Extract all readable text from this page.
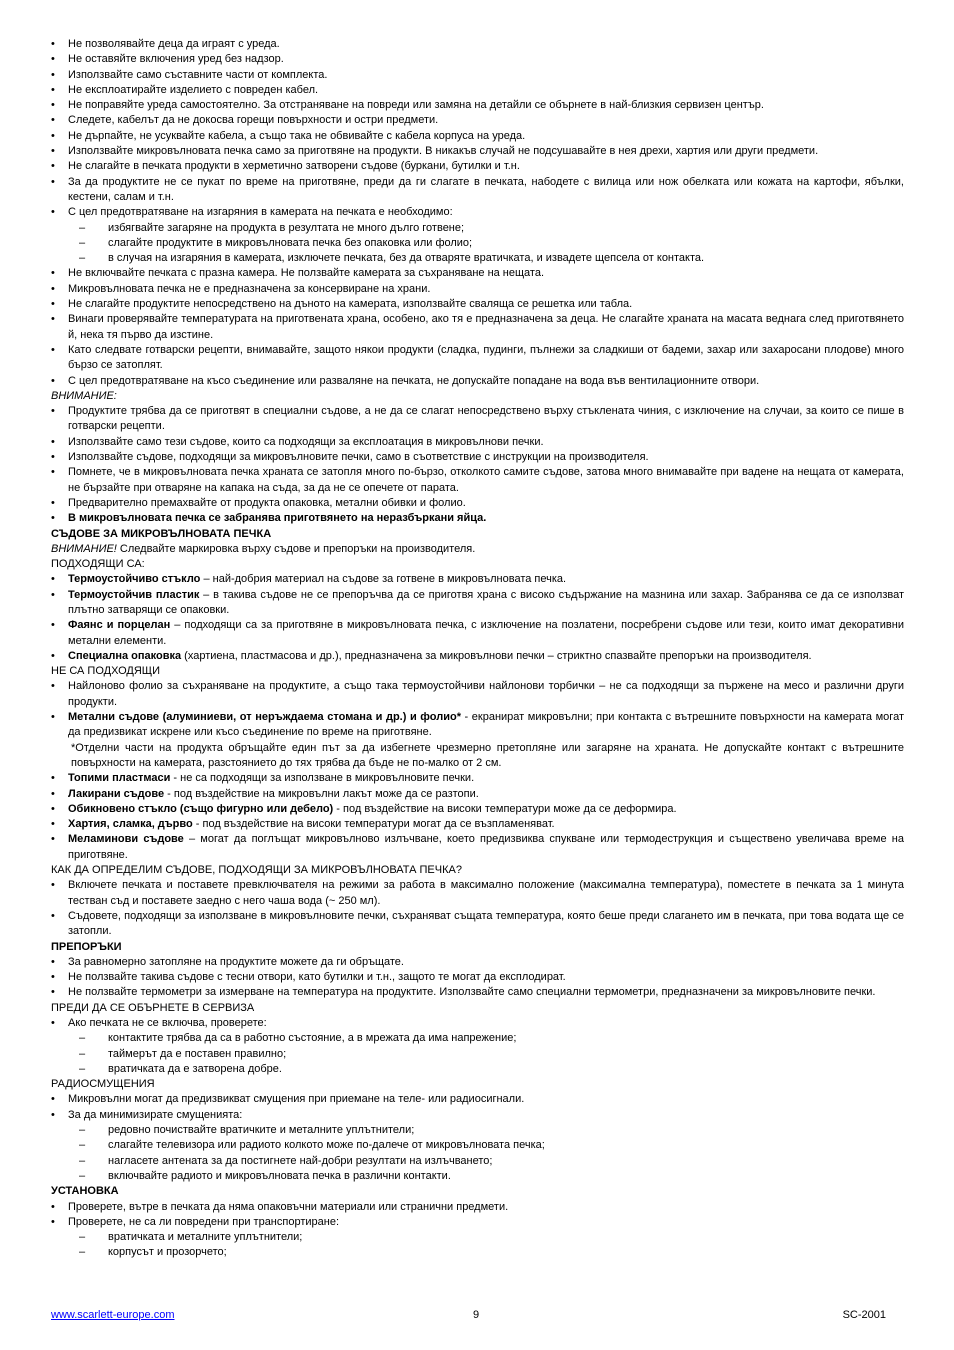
• Не позволявайте деца да играят с уреда.
• Не оставяйте включения уред без надзор.
• Използвайте само съставните части от комплекта.
• Не експлоатирайте изделието с повреден кабел.
• Не поправяйте уреда самостоятелно. За отстраняване на повреди или замяна на детайли се обърнете в най-близкия сервизен център.
• Следете, кабелът да не докосва горещи повърхности и остри предмети.
• Не дърпайте, не усуквайте кабела, а също така не обвивайте с кабела корпуса на уреда.
• Използвайте микровълновата печка само за приготвяне на продукти. В никакъв случай не подсушавайте в нея дрехи, хартия или други предмети.
• Не слагайте в печката продукти в херметично затворени съдове (буркани, бутилки и т.н.
• За да продуктите не се пукат по време на приготвяне, преди да ги слагате в печката, набодете с вилица или нож обелката или кожата на картофи, ябълки, кестени, салам и т.н.
• С цел предотвратяване на изгаряния в камерата на печката е необходимо:
– избягвайте загаряне на продукта в резултата не много дълго готвене;
– слагайте продуктите в микровълновата печка без опаковка или фолио;
– в случая на изгаряния в камерата, изключете печката, без да отваряте вратичката, и извадете щепсела от контакта.
• Не включвайте печката с празна камера. Не ползвайте камерата за съхраняване на нещата.
• Микровълновата печка не е предназначена за консервиране на храни.
• Не слагайте продуктите непосредствено на дъното на камерата, използвайте сваляща се решетка или табла.
• Винаги проверявайте температурата на приготвената храна, особено, ако тя е предназначена за деца. Не слагайте храната на масата веднага след приготвянето й, нека тя първо да изстине.
• Като следвате готварски рецепти, внимавайте, защото някои продукти (сладка, пудинги, пълнежи за сладкиши от бадеми, захар или захаросани плодове) много бързо се затоплят.
• С цел предотвратяване на късо съединение или разваляне на печката, не допускайте попадане на вода във вентилационните отвори.
ВНИМАНИЕ:
• Продуктите трябва да се приготвят в специални съдове, а не да се слагат непосредствено върху стъклената чиния, с изключение на случаи, за които се пише в готварски рецепти.
• Използвайте само тези съдове, които са подходящи за експлоатация в микровълнови печки.
• Използвайте съдове, подходящи за микровълновите печки, само в съответствие с инструкции на производителя.
• Помнете, че в микровълновата печка храната се затопля много по-бързо, отколкото самите съдове, затова много внимавайте при вадене на нещата от камерата, не бързайте при отваряне на капака на съда, за да не се опечете от парата.
• Предварително премахвайте от продукта опаковка, метални обивки и фолио.
• В микровълновата печка се забранява приготвянето на неразбъркани яйца.
СЪДОВЕ ЗА МИКРОВЪЛНОВАТА ПЕЧКА
ВНИМАНИЕ! Следвайте маркировка върху съдове и препоръки на производителя.
ПОДХОДЯЩИ СА:
• Термоустойчиво стъкло – най-добрия материал на съдове за готвене в микровълновата печка.
• Термоустойчив пластик – в такива съдове не се препоръчва да се приготвя храна с високо съдържание на мазнина или захар. Забранява се да се използват плътно затварящи се опаковки.
• Фаянс и порцелан – подходящи са за приготвяне в микровълновата печка, с изключение на позлатени, посребрени съдове или тези, които имат декоративни метални елементи.
• Специална опаковка (хартиена, пластмасова и др.), предназначена за микровълнови печки – стриктно спазвайте препоръки на производителя.
НЕ СА ПОДХОДЯЩИ
• Найлоново фолио за съхраняване на продуктите, а също така термоустойчиви найлонови торбички – не са подходящи за пържене на месо и различни други продукти.
• Метални съдове (алуминиеви, от неръждаема стомана и др.) и фолио* - екранират микровълни; при контакта с вътрешните повърхности на камерата могат да предизвикат искрене или късо съединение по време на приготвяне.
*Отделни части на продукта обръщайте един път за да избегнете чрезмерно претопляне или загаряне на храната. Не допускайте контакт с вътрешните повърхности на камерата, разстоянието до тях трябва да бъде не по-малко от 2 см.
• Топими пластмаси - не са подходящи за използване в микровълновите печки.
• Лакирани съдове - под въздействие на микровълни лакът може да се разтопи.
• Обикновено стъкло (също фигурно или дебело) - под въздействие на високи температури може да се деформира.
• Хартия, сламка, дърво - под въздействие на високи температури могат да се възпламеняват.
• Меламинови съдове – могат да поглъщат микровълново излъчване, което предизвиква спукване или термодеструкция и съществено увеличава време на приготвяне.
КАК ДА ОПРЕДЕЛИМ СЪДОВЕ, ПОДХОДЯЩИ ЗА МИКРОВЪЛНОВАТА ПЕЧКА?
• Включете печката и поставете превключвателя на режими за работа в максимално положение (максимална температура), поместете в печката за 1 минута тестван съд и поставете заедно с него чаша вода (~ 250 мл).
• Съдовете, подходящи за използване в микровълновите печки, съхраняват същата температура, която беше преди слагането им в печката, при това водата ще се затопли.
ПРЕПОРЪКИ
• За равномерно затопляне на продуктите можете да ги обръщате.
• Не ползвайте такива съдове с тесни отвори, като бутилки и т.н., защото те могат да експлодират.
• Не ползвайте термометри за измерване на температура на продуктите. Използвайте само специални термометри, предназначени за микровълновите печки.
ПРЕДИ ДА СЕ ОБЪРНЕТЕ В СЕРВИЗА
• Ако печката не се включва, проверете:
– контактите трябва да са в работно състояние, а в мрежата да има напрежение;
– таймерът да е поставен правилно;
– вратичката да е затворена добре.
РАДИОСМУЩЕНИЯ
• Микровълни могат да предизвикват смущения при приемане на теле- или радиосигнали.
• За да минимизирате смущенията:
– редовно почиствайте вратичките и металните уплътнители;
– слагайте телевизора или радиото колкото може по-далече от микровълновата печка;
– нагласете антената за да постигнете най-добри резултати на излъчването;
– включвайте радиото и микровълновата печка в различни контакти.
УСТАНОВКА
• Проверете, вътре в печката да няма опаковъчни материали или странични предмети.
• Проверете, не са ли повредени при транспортиране:
– вратичката и металните уплътнители;
– корпусът и прозорчето;
www.scarlett-europe.com	9	SC-2001
